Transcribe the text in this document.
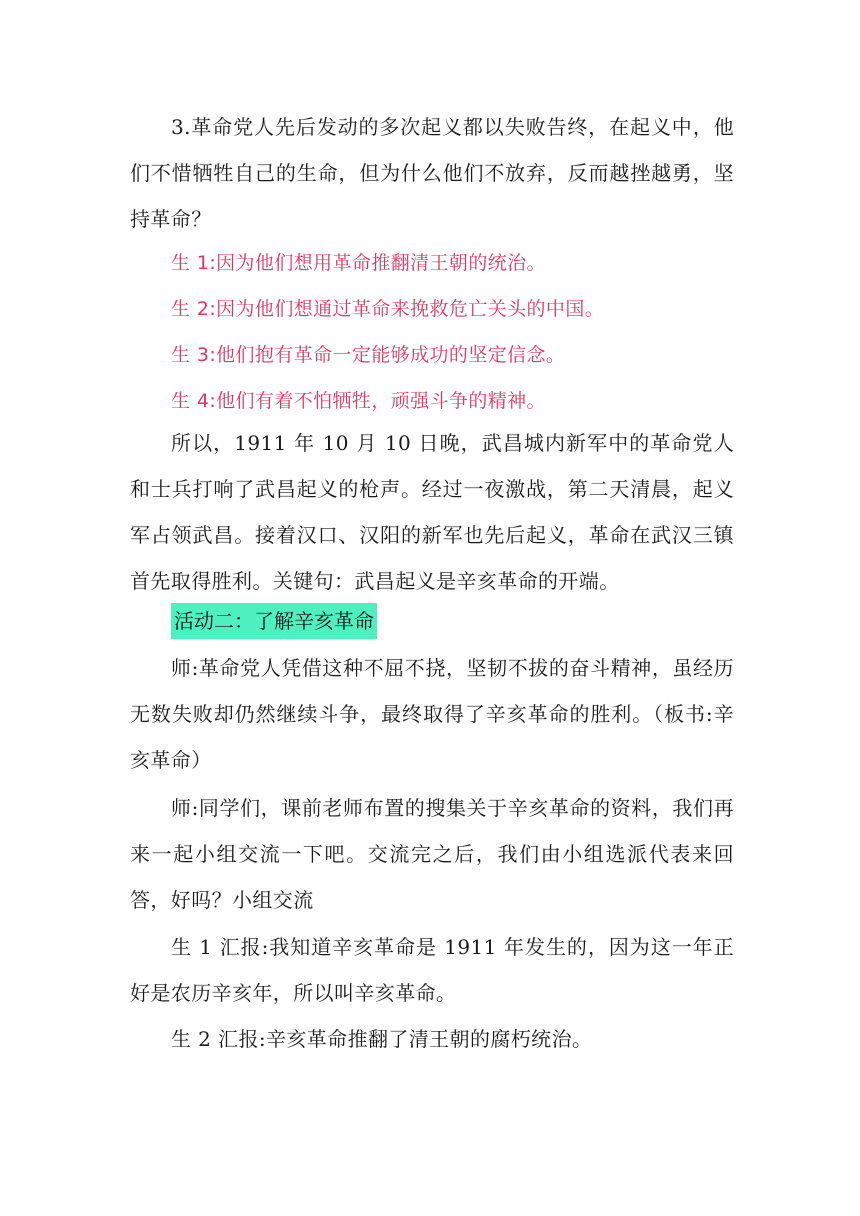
3.革命党人先后发动的多次起义都以失败告终，在起义中，他们不惜牺牲自己的生命，但为什么他们不放弃，反而越挫越勇，坚持革命？

生 1:因为他们想用革命推翻清王朝的统治。

生 2:因为他们想通过革命来挽救危亡关头的中国。

生 3:他们抱有革命一定能够成功的坚定信念。

生 4:他们有着不怕牺牲，顽强斗争的精神。

所以，1911 年 10 月 10 日晚，武昌城内新军中的革命党人和士兵打响了武昌起义的枪声。经过一夜激战，第二天清晨，起义军占领武昌。接着汉口、汉阳的新军也先后起义，革命在武汉三镇首先取得胜利。关键句：武昌起义是辛亥革命的开端。

活动二：了解辛亥革命

师:革命党人凭借这种不屈不挠，坚韧不拔的奋斗精神，虽经历无数失败却仍然继续斗争，最终取得了辛亥革命的胜利。（板书:辛亥革命）

师:同学们，课前老师布置的搜集关于辛亥革命的资料，我们再来一起小组交流一下吧。交流完之后，我们由小组选派代表来回答，好吗？小组交流

生 1 汇报:我知道辛亥革命是 1911 年发生的，因为这一年正好是农历辛亥年，所以叫辛亥革命。

生 2 汇报:辛亥革命推翻了清王朝的腐朽统治。
